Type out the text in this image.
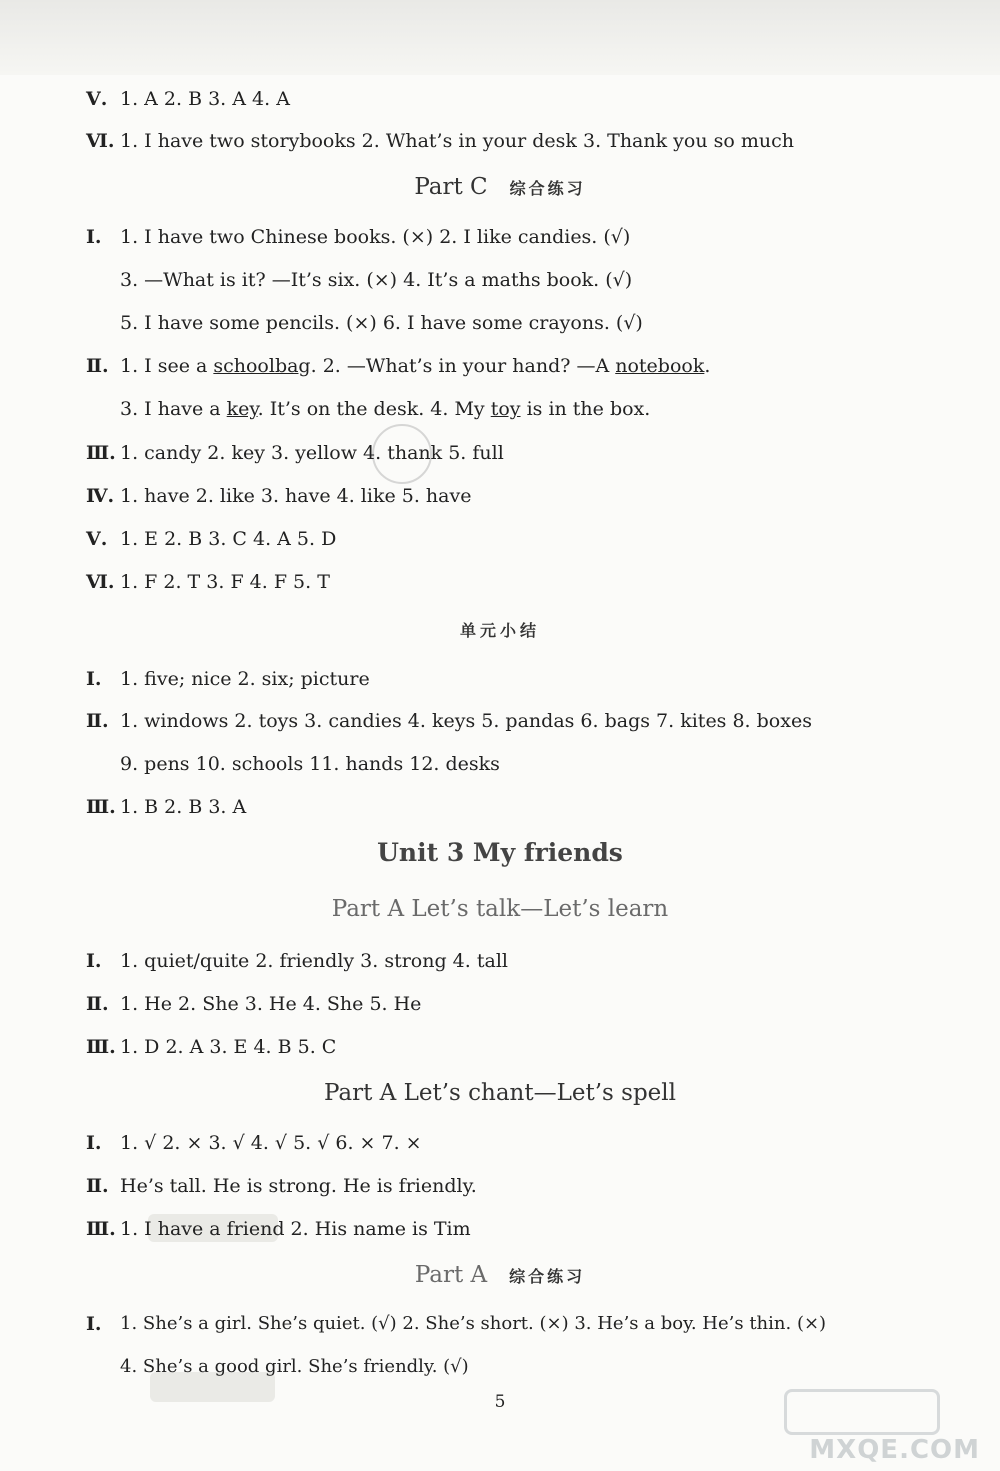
Ⅴ. 1. A 2. B 3. A 4. A
Ⅵ. 1. I have two storybooks 2. What’s in your desk 3. Thank you so much
Part C 综合练习
Ⅰ. 1. I have two Chinese books. (×) 2. I like candies. (√)
3. —What is it? —It’s six. (×) 4. It’s a maths book. (√)
5. I have some pencils. (×) 6. I have some crayons. (√)
Ⅱ. 1. I see a schoolbag. 2. —What’s in your hand? —A notebook.
3. I have a key. It’s on the desk. 4. My toy is in the box.
Ⅲ. 1. candy 2. key 3. yellow 4. thank 5. full
Ⅳ. 1. have 2. like 3. have 4. like 5. have
Ⅴ. 1. E 2. B 3. C 4. A 5. D
Ⅵ. 1. F 2. T 3. F 4. F 5. T
单元小结
Ⅰ. 1. five; nice 2. six; picture
Ⅱ. 1. windows 2. toys 3. candies 4. keys 5. pandas 6. bags 7. kites 8. boxes
9. pens 10. schools 11. hands 12. desks
Ⅲ. 1. B 2. B 3. A
Unit 3 My friends
Part A Let’s talk—Let’s learn
Ⅰ. 1. quiet/quite 2. friendly 3. strong 4. tall
Ⅱ. 1. He 2. She 3. He 4. She 5. He
Ⅲ. 1. D 2. A 3. E 4. B 5. C
Part A Let’s chant—Let’s spell
Ⅰ. 1. √ 2. × 3. √ 4. √ 5. √ 6. × 7. ×
Ⅱ. He’s tall. He is strong. He is friendly.
Ⅲ. 1. I have a friend 2. His name is Tim
Part A 综合练习
Ⅰ. 1. She’s a girl. She’s quiet. (√) 2. She’s short. (×) 3. He’s a boy. He’s thin. (×)
4. She’s a good girl. She’s friendly. (√)
5
MXQE.COM
